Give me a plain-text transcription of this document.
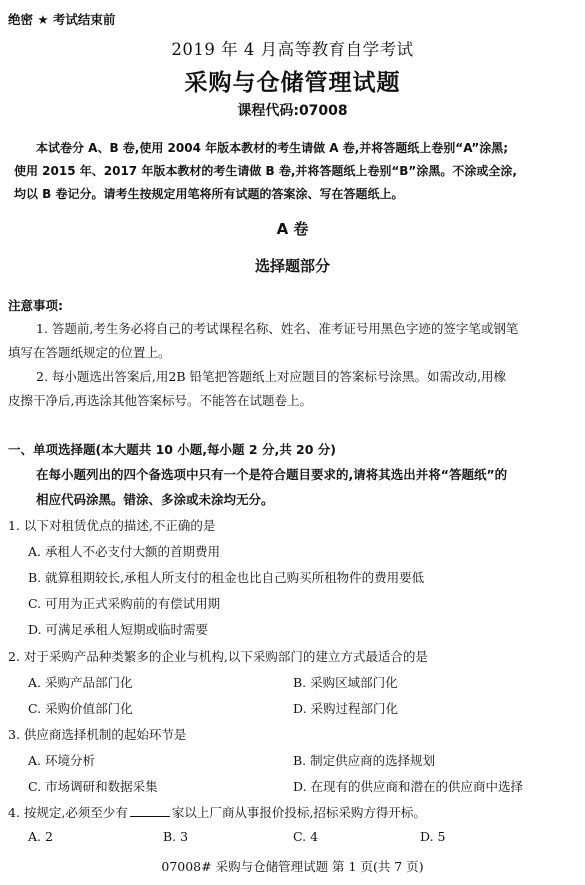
绝密 ★ 考试结束前
2019 年 4 月高等教育自学考试
采购与仓储管理试题
课程代码:07008
本试卷分 A、B 卷,使用 2004 年版本教材的考生请做 A 卷,并将答题纸上卷别“A”涂黑;
使用 2015 年、2017 年版本教材的考生请做 B 卷,并将答题纸上卷别“B”涂黑。不涂或全涂,
均以 B 卷记分。请考生按规定用笔将所有试题的答案涂、写在答题纸上。
A 卷
选择题部分
注意事项:
1. 答题前,考生务必将自己的考试课程名称、姓名、准考证号用黑色字迹的签字笔或钢笔
填写在答题纸规定的位置上。
2. 每小题选出答案后,用2B 铅笔把答题纸上对应题目的答案标号涂黑。如需改动,用橡
皮擦干净后,再选涂其他答案标号。不能答在试题卷上。
一、单项选择题(本大题共 10 小题,每小题 2 分,共 20 分)
在每小题列出的四个备选项中只有一个是符合题目要求的,请将其选出并将“答题纸”的
相应代码涂黑。错涂、多涂或未涂均无分。
1. 以下对租赁优点的描述,不正确的是
A. 承租人不必支付大额的首期费用
B. 就算租期较长,承租人所支付的租金也比自己购买所租物件的费用要低
C. 可用为正式采购前的有偿试用期
D. 可满足承租人短期或临时需要
2. 对于采购产品种类繁多的企业与机构,以下采购部门的建立方式最适合的是
A. 采购产品部门化	B. 采购区域部门化
C. 采购价值部门化	D. 采购过程部门化
3. 供应商选择机制的起始环节是
A. 环境分析	B. 制定供应商的选择规划
C. 市场调研和数据采集	D. 在现有的供应商和潜在的供应商中选择
4. 按规定,必须至少有	家以上厂商从事报价投标,招标采购方得开标。
A. 2	B. 3	C. 4	D. 5
07008# 采购与仓储管理试题 第 1 页(共 7 页)
